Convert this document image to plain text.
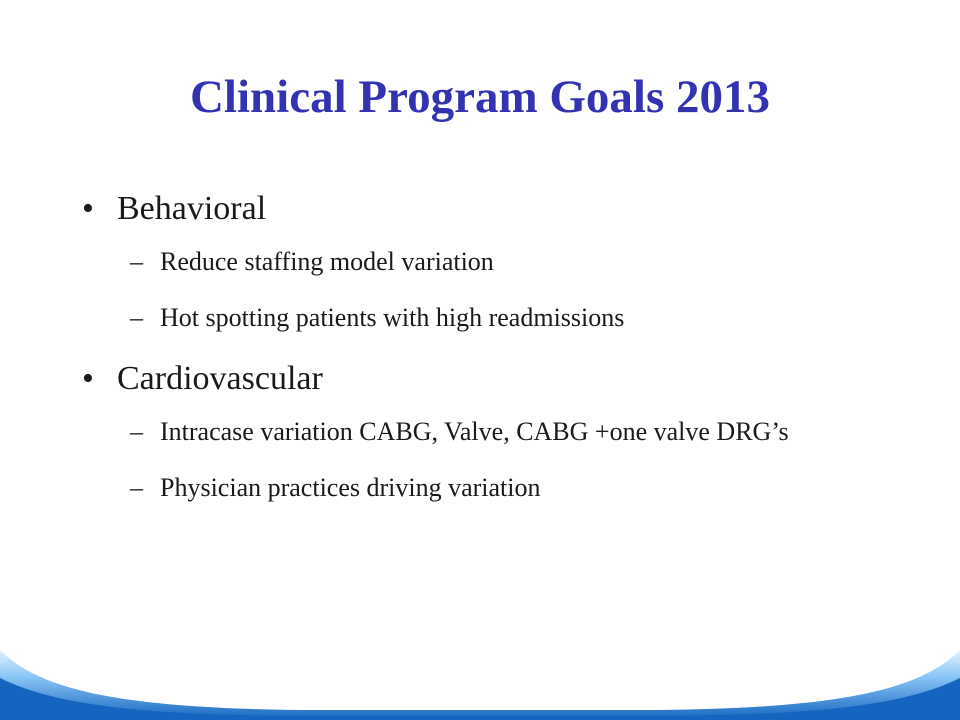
Clinical Program Goals 2013
• Behavioral
– Reduce staffing model variation
– Hot spotting patients with high readmissions
• Cardiovascular
– Intracase variation CABG, Valve, CABG +one valve DRG’s
– Physician practices driving variation
